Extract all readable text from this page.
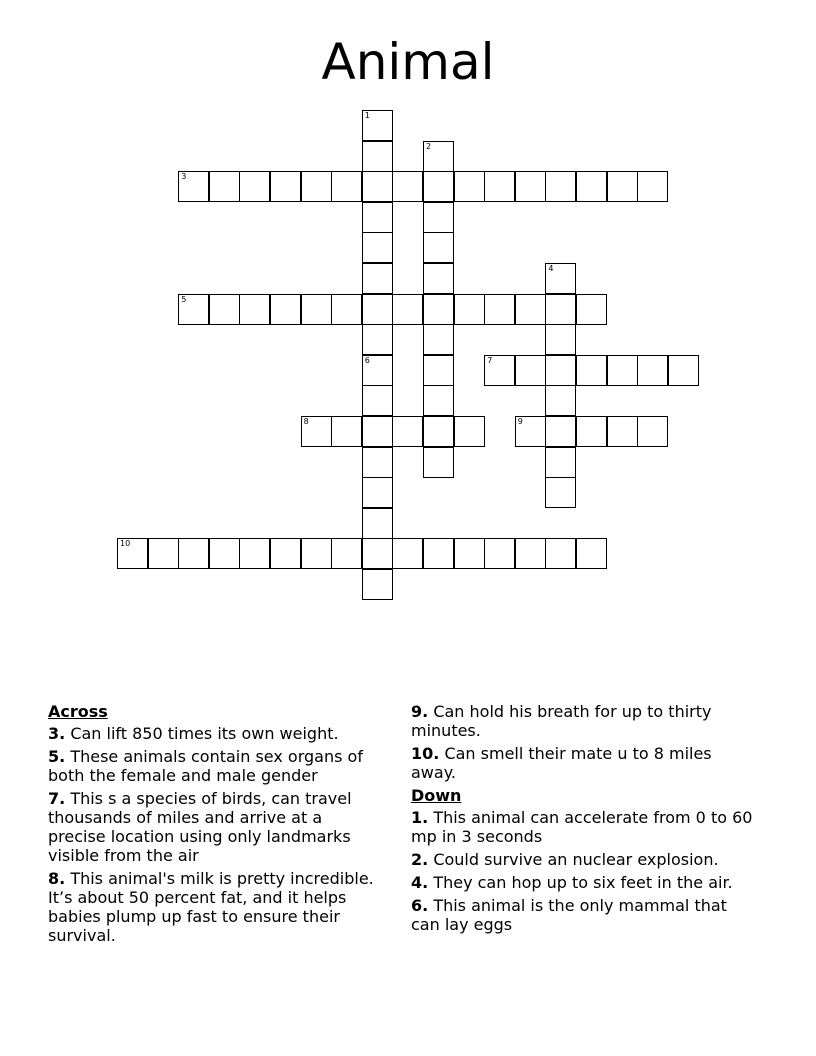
Animal
1
6
2
3
4
5
7
8	9
10
Across
3. Can lift 850 times its own weight.
5. These animals contain sex organs of both the female and male gender
7. This s a species of birds, can travel thousands of miles and arrive at a precise location using only landmarks visible from the air
8. This animal's milk is pretty incredible. It’s about 50 percent fat, and it helps babies plump up fast to ensure their survival.
9. Can hold his breath for up to thirty minutes.
10. Can smell their mate u to 8 miles away.
Down
1. This animal can accelerate from 0 to 60 mp in 3 seconds
2. Could survive an nuclear explosion.
4. They can hop up to six feet in the air.
6. This animal is the only mammal that can lay eggs
